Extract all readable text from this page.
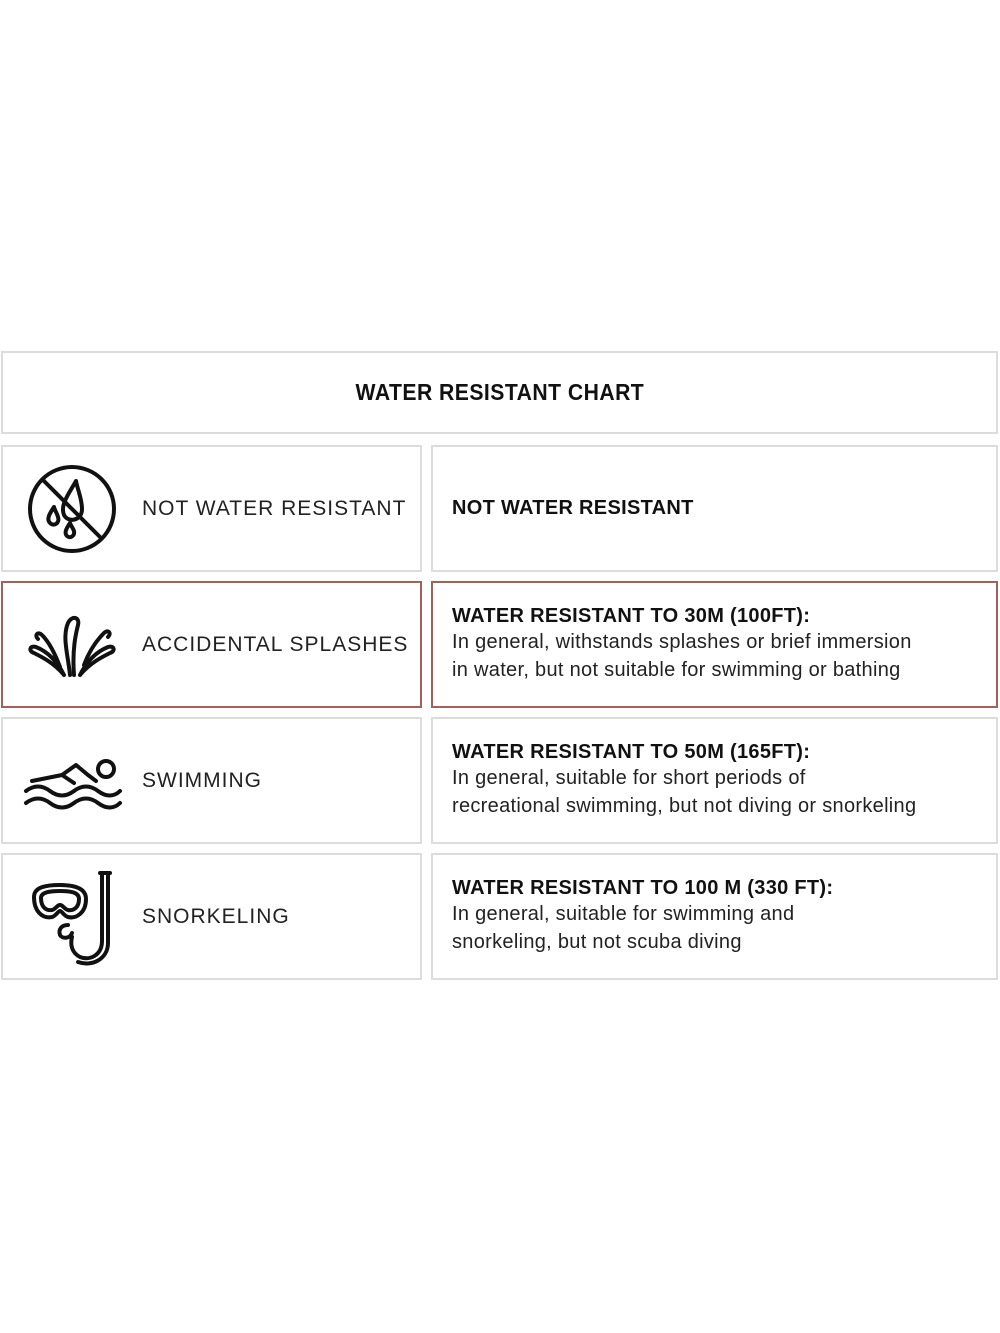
WATER RESISTANT CHART
NOT WATER RESISTANT NOT WATER RESISTANT

ACCIDENTAL SPLASHES

WATER RESISTANT TO 30M (100FT):

In general, withstands splashes or brief immersion
in water, but not suitable for swimming or bathing

SWIMMING

WATER RESISTANT TO 50M (165FT):

In general, suitable for short periods of
recreational swimming, but not diving or snorkeling

SNORKELING

WATER RESISTANT TO 100 M (330 FT):

In general, suitable for swimming and
snorkeling, but not scuba diving
